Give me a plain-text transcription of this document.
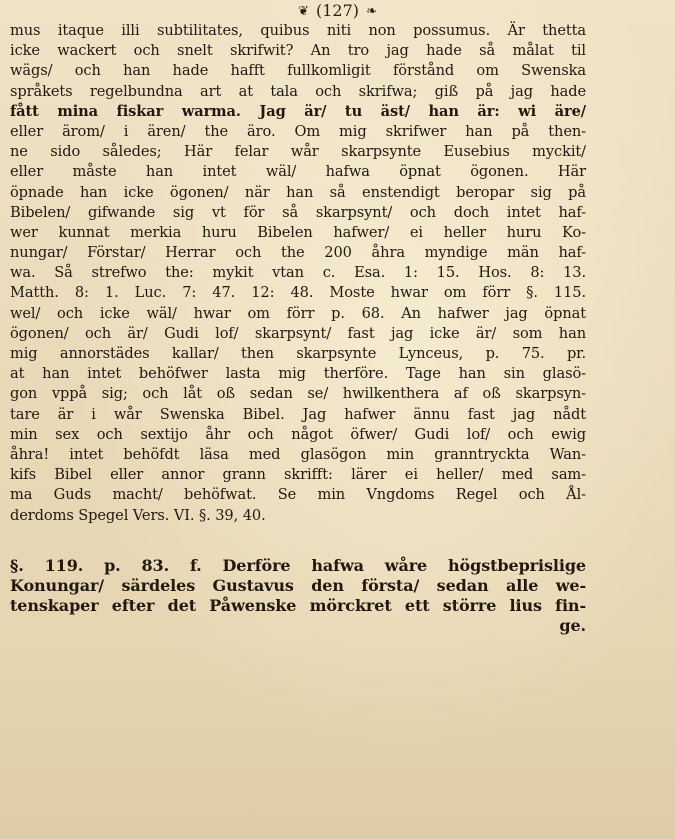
❦ (127) ❧
mus itaque illi subtilitates, quibus niti non possumus. Är thetta
icke wackert och snelt skrifwit? An tro jag hade så målat til
wägs/ och han hade hafft fullkomligit förstånd om Swenska
språkets regelbundna art at tala och skrifwa; giß på jag hade
fått mina fiskar warma. Jag är/ tu äst/ han är: wi äre/
eller ärom/ i ären/ the äro. Om mig skrifwer han på then-
ne sido således; Här felar wår skarpsynte Eusebius myckit/
eller måste han intet wäl/ hafwa öpnat ögonen. Här
öpnade han icke ögonen/ när han så enstendigt beropar sig på
Bibelen/ gifwande sig vt för så skarpsynt/ och doch intet haf-
wer kunnat merkia huru Bibelen hafwer/ ei heller huru Ko-
nungar/ Förstar/ Herrar och the 200 åhra myndige män haf-
wa. Så strefwo the: mykit vtan c. Esa. 1: 15. Hos. 8: 13.
Matth. 8: 1. Luc. 7: 47. 12: 48. Moste hwar om förr §. 115.
wel/ och icke wäl/ hwar om förr p. 68. An hafwer jag öpnat
ögonen/ och är/ Gudi lof/ skarpsynt/ fast jag icke är/ som han
mig annorstädes kallar/ then skarpsynte Lynceus, p. 75. pr.
at han intet behöfwer lasta mig therföre. Tage han sin glasö-
gon vppå sig; och låt oß sedan se/ hwilkenthera af oß skarpsyn-
tare är i wår Swenska Bibel. Jag hafwer ännu fast jag nådt
min sex och sextijo åhr och något öfwer/ Gudi lof/ och ewig
åhra! intet behöfdt läsa med glasögon min granntryckta Wan-
kifs Bibel eller annor grann skrifft: lärer ei heller/ med sam-
ma Guds macht/ behöfwat. Se min Vngdoms Regel och Ål-
derdoms Spegel Vers. VI. §. 39, 40.
§. 119. p. 83. f. Derföre hafwa wåre högstbeprislige
Konungar/ särdeles Gustavus den första/ sedan alle we-
tenskaper efter det Påwenske mörckret ett större lius fin-
ge.
